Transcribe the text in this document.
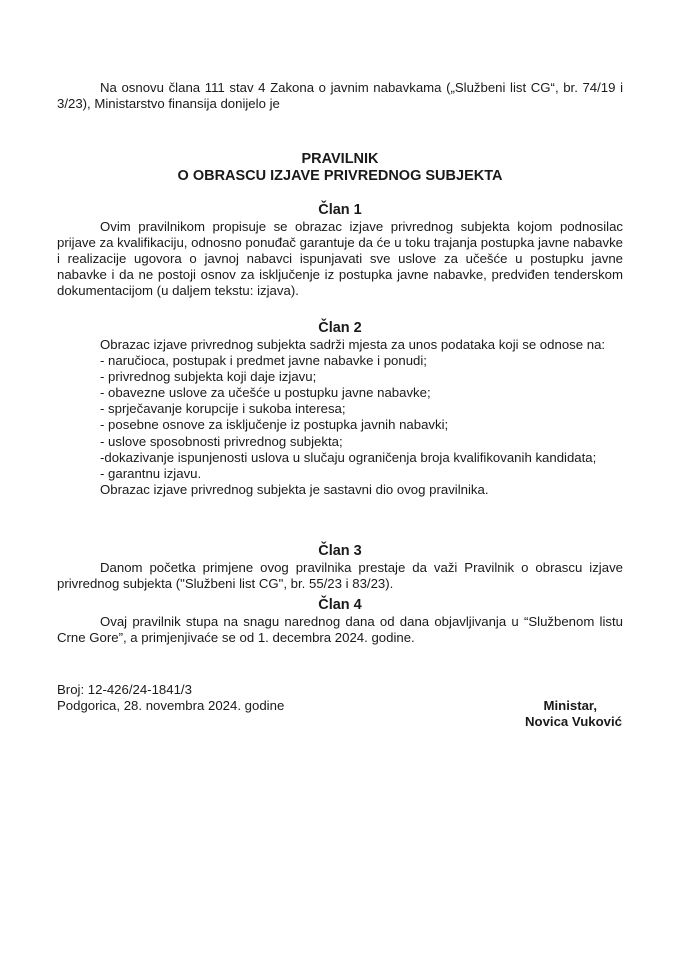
Na osnovu člana 111 stav 4 Zakona o javnim nabavkama („Službeni list CG“, br. 74/19 i 3/23), Ministarstvo finansija donijelo je

PRAVILNIK
O OBRASCU IZJAVE PRIVREDNOG SUBJEKTA
Član 1

Ovim pravilnikom propisuje se obrazac izjave privrednog subjekta kojom podnosilac prijave za kvalifikaciju, odnosno ponuđač garantuje da će u toku trajanja postupka javne nabavke i realizacije ugovora o javnoj nabavci ispunjavati sve uslove za učešće u postupku javne nabavke i da ne postoji osnov za isključenje iz postupka javne nabavke, predviđen tenderskom dokumentacijom (u daljem tekstu: izjava).

Član 2

Obrazac izjave privrednog subjekta sadrži mjesta za unos podataka koji se odnose na:

- naručioca, postupak i predmet javne nabavke i ponudi;

- privrednog subjekta koji daje izjavu;

- obavezne uslove za učešće u postupku javne nabavke;

- sprječavanje korupcije i sukoba interesa;

- posebne osnove za isključenje iz postupka javnih nabavki;

- uslove sposobnosti privrednog subjekta;

-dokazivanje ispunjenosti uslova u slučaju ograničenja broja kvalifikovanih kandidata;

- garantnu izjavu.

Obrazac izjave privrednog subjekta je sastavni dio ovog pravilnika.

Član 3

Danom početka primjene ovog pravilnika prestaje da važi Pravilnik o obrascu izjave privrednog subjekta ("Službeni list CG", br. 55/23 i 83/23).

Član 4

Ovaj pravilnik stupa na snagu narednog dana od dana objavljivanja u “Službenom listu Crne Gore”, a primjenjivaće se od 1. decembra 2024. godine.

Broj: 12-426/24-1841/3
Podgorica, 28. novembra 2024. godine	Ministar,
Novica Vuković
